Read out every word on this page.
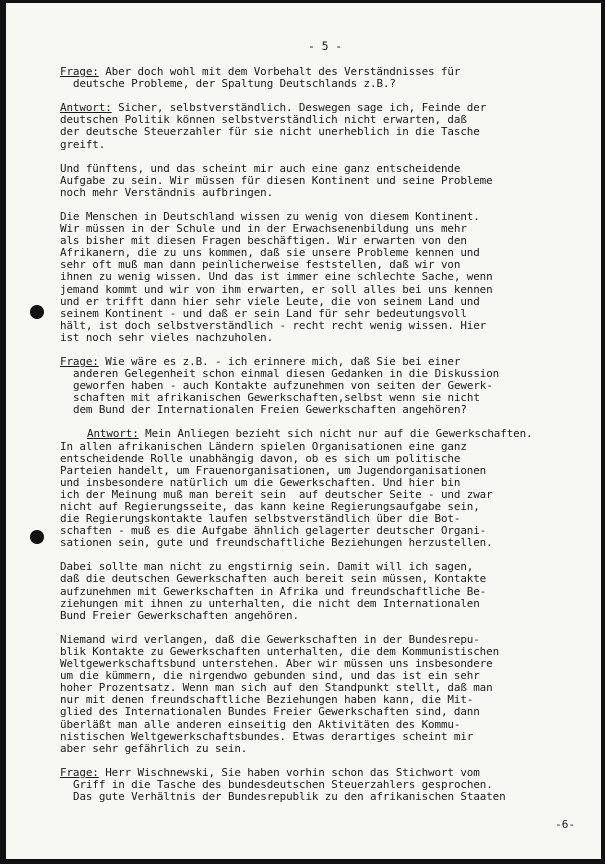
- 5 -
Frage: Aber doch wohl mit dem Vorbehalt des Verständnisses für
deutsche Probleme, der Spaltung Deutschlands z.B.?
Antwort: Sicher, selbstverständlich. Deswegen sage ich, Feinde der
deutschen Politik können selbstverständlich nicht erwarten, daß
der deutsche Steuerzahler für sie nicht unerheblich in die Tasche
greift.
Und fünftens, und das scheint mir auch eine ganz entscheidende
Aufgabe zu sein. Wir müssen für diesen Kontinent und seine Probleme
noch mehr Verständnis aufbringen.
Die Menschen in Deutschland wissen zu wenig von diesem Kontinent.
Wir müssen in der Schule und in der Erwachsenenbildung uns mehr
als bisher mit diesen Fragen beschäftigen. Wir erwarten von den
Afrikanern, die zu uns kommen, daß sie unsere Probleme kennen und
sehr oft muß man dann peinlicherweise feststellen, daß wir von
ihnen zu wenig wissen. Und das ist immer eine schlechte Sache, wenn
jemand kommt und wir von ihm erwarten, er soll alles bei uns kennen
und er trifft dann hier sehr viele Leute, die von seinem Land und
seinem Kontinent - und daß er sein Land für sehr bedeutungsvoll
hält, ist doch selbstverständlich - recht recht wenig wissen. Hier
ist noch sehr vieles nachzuholen.
Frage: Wie wäre es z.B. - ich erinnere mich, daß Sie bei einer
anderen Gelegenheit schon einmal diesen Gedanken in die Diskussion
geworfen haben - auch Kontakte aufzunehmen von seiten der Gewerk-
schaften mit afrikanischen Gewerkschaften,selbst wenn sie nicht
dem Bund der Internationalen Freien Gewerkschaften angehören?
Antwort: Mein Anliegen bezieht sich nicht nur auf die Gewerkschaften.
In allen afrikanischen Ländern spielen Organisationen eine ganz
entscheidende Rolle unabhängig davon, ob es sich um politische
Parteien handelt, um Frauenorganisationen, um Jugendorganisationen
und insbesondere natürlich um die Gewerkschaften. Und hier bin
ich der Meinung muß man bereit sein  auf deutscher Seite - und zwar
nicht auf Regierungsseite, das kann keine Regierungsaufgabe sein,
die Regierungskontakte laufen selbstverständlich über die Bot-
schaften - muß es die Aufgabe ähnlich gelagerter deutscher Organi-
sationen sein, gute und freundschaftliche Beziehungen herzustellen.
Dabei sollte man nicht zu engstirnig sein. Damit will ich sagen,
daß die deutschen Gewerkschaften auch bereit sein müssen, Kontakte
aufzunehmen mit Gewerkschaften in Afrika und freundschaftliche Be-
ziehungen mit ihnen zu unterhalten, die nicht dem Internationalen
Bund Freier Gewerkschaften angehören.
Niemand wird verlangen, daß die Gewerkschaften in der Bundesrepu-
blik Kontakte zu Gewerkschaften unterhalten, die dem Kommunistischen
Weltgewerkschaftsbund unterstehen. Aber wir müssen uns insbesondere
um die kümmern, die nirgendwo gebunden sind, und das ist ein sehr
hoher Prozentsatz. Wenn man sich auf den Standpunkt stellt, daß man
nur mit denen freundschaftliche Beziehungen haben kann, die Mit-
glied des Internationalen Bundes Freier Gewerkschaften sind, dann
überläßt man alle anderen einseitig den Aktivitäten des Kommu-
nistischen Weltgewerkschaftsbundes. Etwas derartiges scheint mir
aber sehr gefährlich zu sein.
Frage: Herr Wischnewski, Sie haben vorhin schon das Stichwort vom
Griff in die Tasche des bundesdeutschen Steuerzahlers gesprochen.
Das gute Verhältnis der Bundesrepublik zu den afrikanischen Staaten
-6-
